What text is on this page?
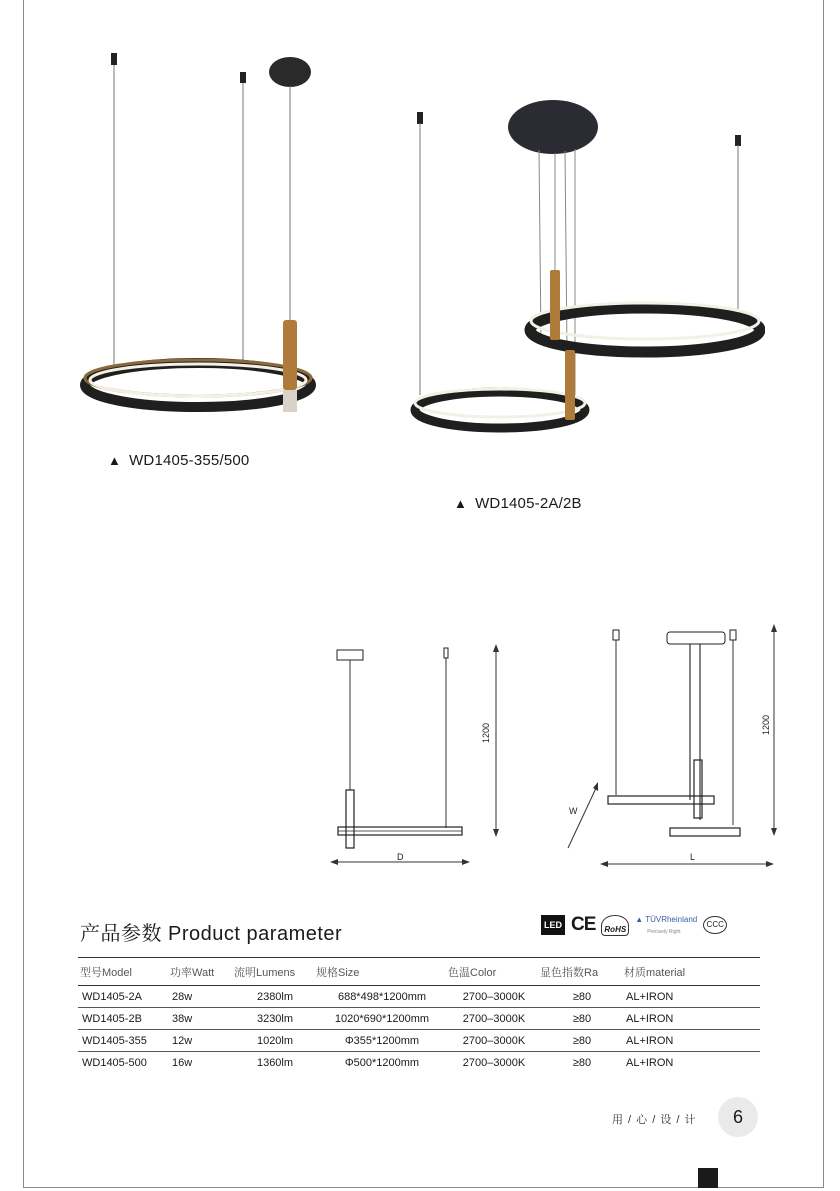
▲ WD1405-355/500
▲ WD1405-2A/2B
1200
D
1200
W
L
产品参数 Product parameter	LED CE	RoHS
▲ TÜVRheinland
Precisely Right
CCC
型号Model	功率Watt	流明Lumens	规格Size	色温Color	显色指数Ra	材质material
WD1405-2A	28w	2380lm	688*498*1200mm	2700–3000K	≥80	AL+IRON
WD1405-2B	38w	3230lm	1020*690*1200mm	2700–3000K	≥80	AL+IRON
WD1405-355	12w	1020lm	Φ355*1200mm	2700–3000K	≥80	AL+IRON
WD1405-500	16w	1360lm	Φ500*1200mm	2700–3000K	≥80	AL+IRON
用 / 心 / 设 / 计	6
